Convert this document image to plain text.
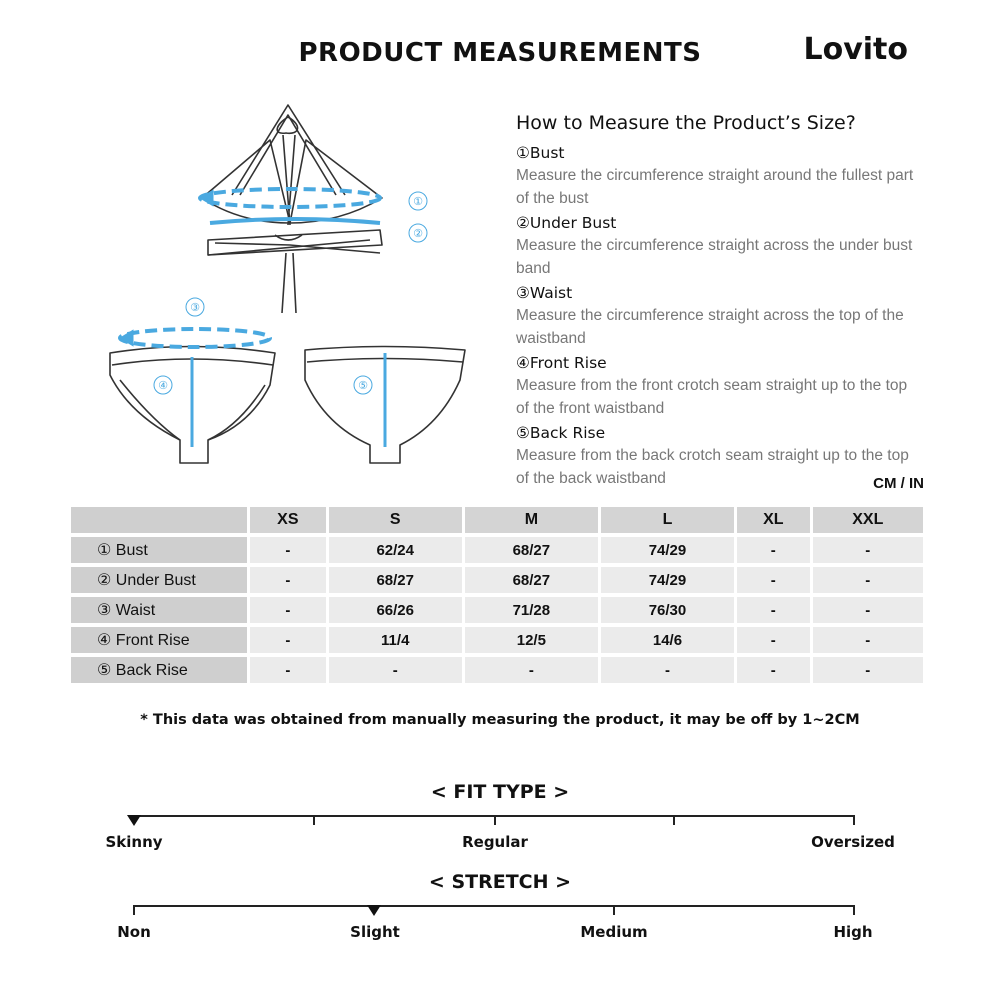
PRODUCT MEASUREMENTS	Lovito
①
②
③
④	⑤
How to Measure the Product’s Size?
①Bust
Measure the circumference straight around the fullest part of the bust
②Under Bust
Measure the circumference straight across the under bust band
③Waist
Measure the circumference straight across the top of the waistband
④Front Rise
Measure from the front crotch seam straight up to the top of the front waistband
⑤Back Rise
Measure from the back crotch seam straight up to the top of the back waistband	CM / IN
	XS	S	M	L	XL	XXL
① Bust	-	62/24	68/27	74/29	-	-
② Under Bust	-	68/27	68/27	74/29	-	-
③ Waist	-	66/26	71/28	76/30	-	-
④ Front Rise	-	11/4	12/5	14/6	-	-
⑤ Back Rise	-	-	-	-	-	-
* This data was obtained from manually measuring the product, it may be off by 1~2CM
< FIT TYPE >
Skinny	Regular	Oversized
< STRETCH >
Non	Slight	Medium	High
